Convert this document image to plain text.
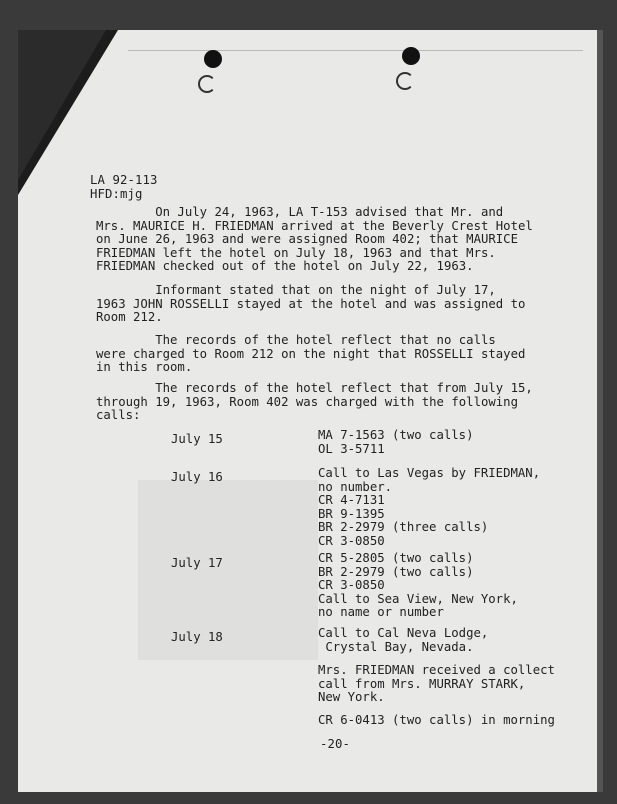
LA 92-113
HFD:mjg
On July 24, 1963, LA T-153 advised that Mr. and
Mrs. MAURICE H. FRIEDMAN arrived at the Beverly Crest Hotel
on June 26, 1963 and were assigned Room 402; that MAURICE
FRIEDMAN left the hotel on July 18, 1963 and that Mrs.
FRIEDMAN checked out of the hotel on July 22, 1963.
Informant stated that on the night of July 17,
1963 JOHN ROSSELLI stayed at the hotel and was assigned to
Room 212.
The records of the hotel reflect that no calls
were charged to Room 212 on the night that ROSSELLI stayed
in this room.
The records of the hotel reflect that from July 15,
through 19, 1963, Room 402 was charged with the following
calls:
July 15	MA 7-1563 (two calls)
OL 3-5711
July 16	Call to Las Vegas by FRIEDMAN,
no number.
CR 4-7131
BR 9-1395
BR 2-2979 (three calls)
CR 3-0850
July 17	CR 5-2805 (two calls)
BR 2-2979 (two calls)
CR 3-0850
Call to Sea View, New York,
no name or number
July 18	Call to Cal Neva Lodge,
Crystal Bay, Nevada.
Mrs. FRIEDMAN received a collect
call from Mrs. MURRAY STARK,
New York.
CR 6-0413 (two calls) in morning
-20-
